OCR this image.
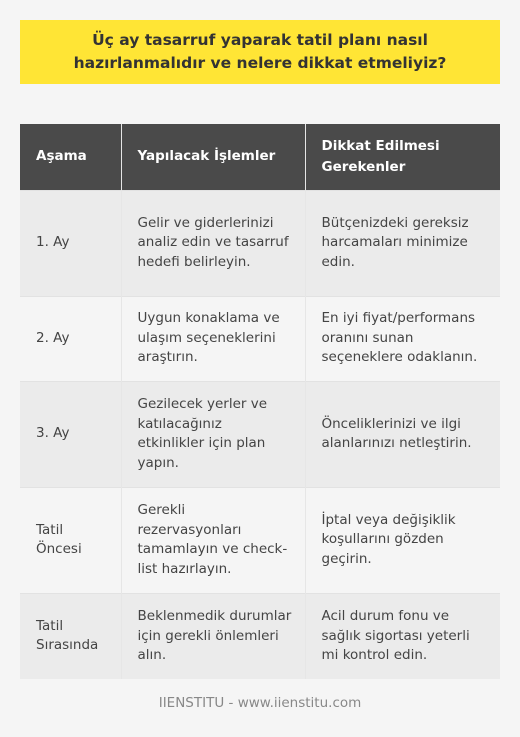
Üç ay tasarruf yaparak tatil planı nasıl hazırlanmalıdır ve nelere dikkat etmeliyiz?

Aşama	Yapılacak İşlemler	Dikkat Edilmesi Gerekenler
1. Ay	Gelir ve giderlerinizi analiz edin ve tasarruf hedefi belirleyin.	Bütçenizdeki gereksiz harcamaları minimize edin.
2. Ay	Uygun konaklama ve ulaşım seçeneklerini araştırın.	En iyi fiyat/performans oranını sunan seçeneklere odaklanın.
3. Ay	Gezilecek yerler ve katılacağınız etkinlikler için plan yapın.	Önceliklerinizi ve ilgi alanlarınızı netleştirin.
Tatil Öncesi	Gerekli rezervasyonları tamamlayın ve check-list hazırlayın.	İptal veya değişiklik koşullarını gözden geçirin.
Tatil Sırasında	Beklenmedik durumlar için gerekli önlemleri alın.	Acil durum fonu ve sağlık sigortası yeterli mi kontrol edin.
IIENSTITU - www.iienstitu.com
